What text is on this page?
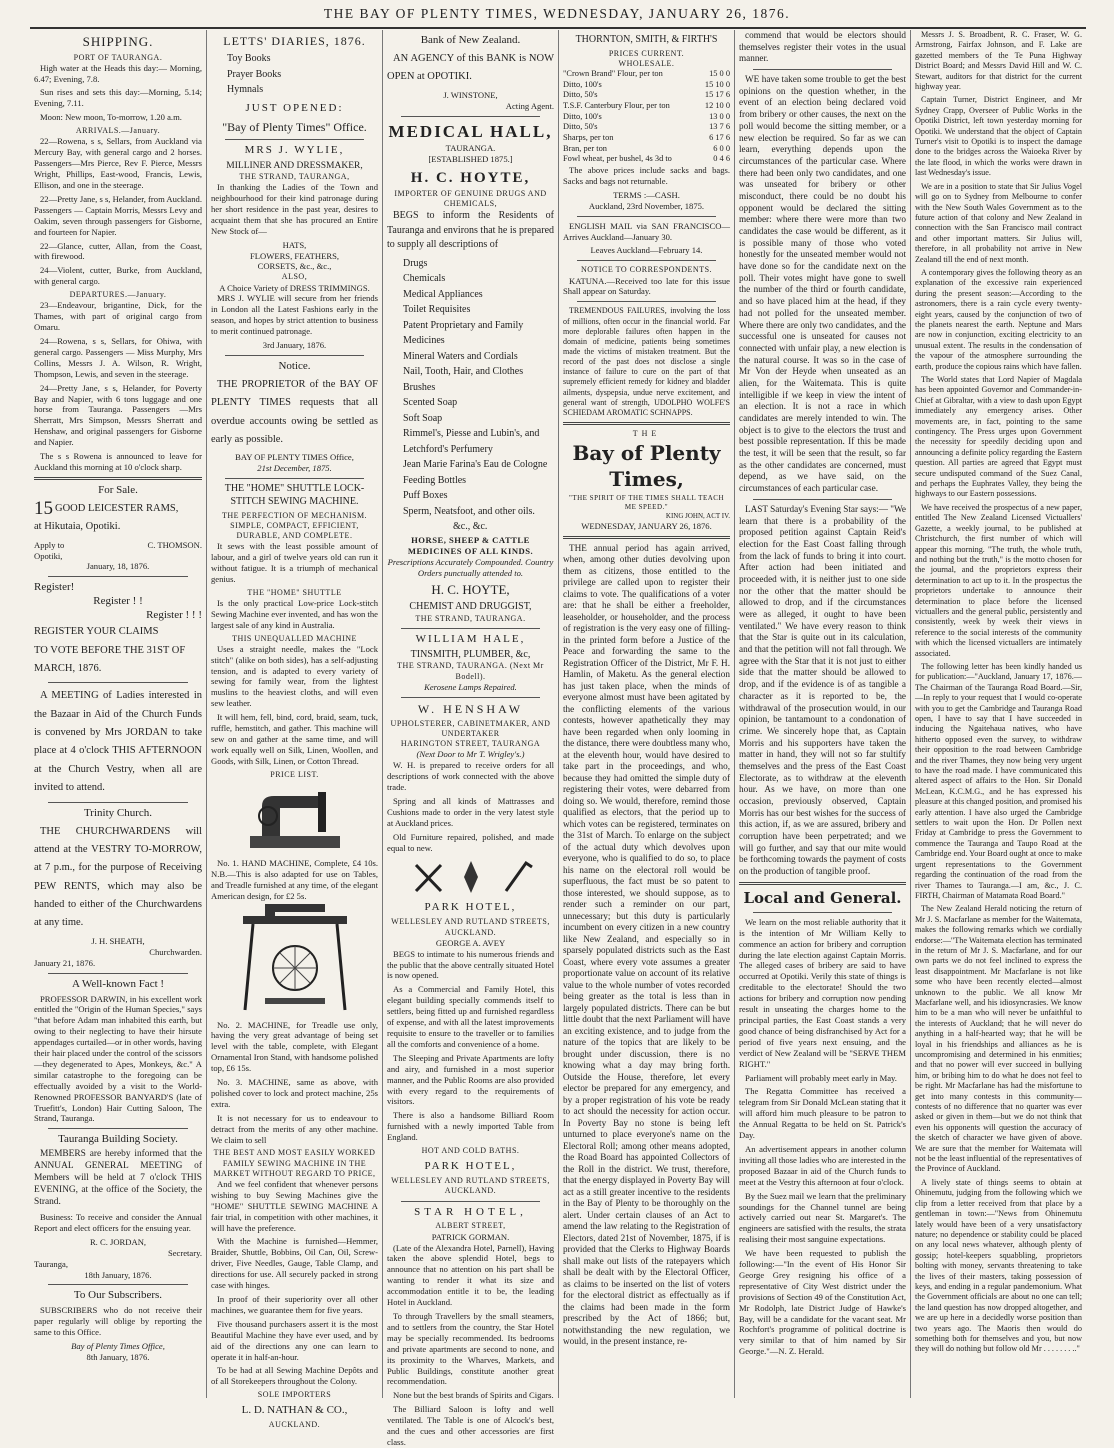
THE BAY OF PLENTY TIMES, WEDNESDAY, JANUARY 26, 1876.
SHIPPING.
PORT OF TAURANGA.

High water at the Heads this day:— Morning, 6.47; Evening, 7.8.

Sun rises and sets this day:—Morning, 5.14; Evening, 7.11.

Moon: New moon, To-morrow, 1.20 a.m.

ARRIVALS.—January.

22—Rowena, s s, Sellars, from Auckland via Mercury Bay, with general cargo and 2 horses. Passengers—Mrs Pierce, Rev F. Pierce, Messrs Wright, Phillips, East-wood, Francis, Lewis, Ellison, and one in the steerage.

22—Pretty Jane, s s, Helander, from Auckland. Passengers — Captain Morris, Messrs Levy and Oakim, seven through passengers for Gisborne, and fourteen for Napier.

22—Glance, cutter, Allan, from the Coast, with firewood.

24—Violent, cutter, Burke, from Auckland, with general cargo.

DEPARTURES.—January.

23—Endeavour, brigantine, Dick, for the Thames, with part of original cargo from Omaru.

24—Rowena, s s, Sellars, for Ohiwa, with general cargo. Passengers — Miss Murphy, Mrs Collins, Messrs J. A. Wilson, R. Wright, Thompson, Lewis, and seven in the steerage.

24—Pretty Jane, s s, Helander, for Poverty Bay and Napier, with 6 tons luggage and one horse from Tauranga. Passengers —Mrs Sherratt, Mrs Simpson, Messrs Sherratt and Henshaw, and original passengers for Gisborne and Napier.

The s s Rowena is announced to leave for Auckland this morning at 10 o'clock sharp.

For Sale.
15 GOOD LEICESTER RAMS,
at Hikutaia, Opotiki.
Apply to	C. THOMSON.
Opotiki,
January, 18, 1876.
Register!
Register ! !
Register ! ! !
REGISTER YOUR CLAIMS
TO VOTE BEFORE THE 31ST OF
MARCH, 1876.

A MEETING of Ladies interested in the Bazaar in Aid of the Church Funds is convened by Mrs JORDAN to take place at 4 o'clock THIS AFTERNOON at the Church Vestry, when all are invited to attend.

Trinity Church.

THE CHURCHWARDENS will attend at the VESTRY TO-MORROW, at 7 p.m., for the purpose of Receiving PEW RENTS, which may also be handed to either of the Churchwardens at any time.

J. H. SHEATH,
Churchwarden.
January 21, 1876.
A Well-known Fact !

PROFESSOR DARWIN, in his excellent work entitled the "Origin of the Human Species," says "that before Adam man inhabited this earth, but owing to their neglecting to have their hirsute appendages curtailed—or in other words, having their hair placed under the control of the scissors—they degenerated to Apes, Monkeys, &c." A similar catastrophe to the foregoing can be effectually avoided by a visit to the World-Renowned PROFESSOR BANYARD'S (late of Truefitt's, London) Hair Cutting Saloon, The Strand, Tauranga.

Tauranga Building Society.

MEMBERS are hereby informed that the ANNUAL GENERAL MEETING of Members will be held at 7 o'clock THIS EVENING, at the office of the Society, the Strand.

Business: To receive and consider the Annual Report and elect officers for the ensuing year.

R. C. JORDAN,
Secretary.
Tauranga,
18th January, 1876.
To Our Subscribers.

SUBSCRIBERS who do not receive their paper regularly will oblige by reporting the same to this Office.

Bay of Plenty Times Office,
8th January, 1876.
LETTS' DIARIES, 1876.
Toy Books
Prayer Books
Hymnals
JUST OPENED:
"Bay of Plenty Times" Office.
MRS J. WYLIE,
MILLINER AND DRESSMAKER,
THE STRAND, TAURANGA,

In thanking the Ladies of the Town and neighbourhood for their kind patronage during her short residence in the past year, desires to acquaint them that she has procured an Entire New Stock of—

HATS,
FLOWERS, FEATHERS,
CORSETS, &c., &c.,
ALSO,
A Choice Variety of DRESS TRIMMINGS.

MRS J. WYLIE will secure from her friends in London all the Latest Fashions early in the season, and hopes by strict attention to business to merit continued patronage.

3rd January, 1876.
Notice.

THE PROPRIETOR of the BAY OF PLENTY TIMES requests that all overdue accounts owing be settled as early as possible.

BAY OF PLENTY TIMES Office,
21st December, 1875.
THE "HOME" SHUTTLE LOCK-STITCH SEWING MACHINE.
THE PERFECTION OF MECHANISM.
SIMPLE, COMPACT, EFFICIENT, DURABLE, AND COMPLETE.

It sews with the least possible amount of labour, and a girl of twelve years old can run it without fatigue. It is a triumph of mechanical genius.

THE "HOME" SHUTTLE

Is the only practical Low-price Lock-stitch Sewing Machine ever invented, and has won the largest sale of any kind in Australia.

THIS UNEQUALLED MACHINE

Uses a straight needle, makes the "Lock stitch" (alike on both sides), has a self-adjusting tension, and is adapted to every variety of sewing for family wear, from the lightest muslins to the heaviest cloths, and will even sew leather.

It will hem, fell, bind, cord, braid, seam, tuck, ruffle, hemstitch, and gather. This machine will sew on and gather at the same time, and will work equally well on Silk, Linen, Woollen, and Goods, with Silk, Linen, or Cotton Thread.

PRICE LIST.

No. 1. HAND MACHINE, Complete, £4 10s. N.B.—This is also adapted for use on Tables, and Treadle furnished at any time, of the elegant American design, for £2 5s.

No. 2. MACHINE, for Treadle use only, having the very great advantage of being set level with the table, complete, with Elegant Ornamental Iron Stand, with handsome polished top, £6 15s.

No. 3. MACHINE, same as above, with polished cover to lock and protect machine, 25s extra.

It is not necessary for us to endeavour to detract from the merits of any other machine. We claim to sell

THE BEST AND MOST EASILY WORKED FAMILY SEWING MACHINE IN THE MARKET WITHOUT REGARD TO PRICE,

And we feel confident that whenever persons wishing to buy Sewing Machines give the "HOME" SHUTTLE SEWING MACHINE A fair trial, in competition with other machines, it will have the preference.

With the Machine is furnished—Hemmer, Braider, Shuttle, Bobbins, Oil Can, Oil, Screw-driver, Five Needles, Gauge, Table Clamp, and directions for use. All securely packed in strong case with hinges.

In proof of their superiority over all other machines, we guarantee them for five years.

Five thousand purchasers assert it is the most Beautiful Machine they have ever used, and by aid of the directions any one can learn to operate it in half-an-hour.

To be had at all Sewing Machine Depôts and of all Storekeepers throughout the Colony.

SOLE IMPORTERS
L. D. NATHAN & CO.,
AUCKLAND.
Bank of New Zealand.

AN AGENCY of this BANK is NOW OPEN at OPOTIKI.

J. WINSTONE,
Acting Agent.
MEDICAL HALL,
TAURANGA.
[ESTABLISHED 1875.]
H. C. HOYTE,
IMPORTER OF GENUINE DRUGS AND CHEMICALS,

BEGS to inform the Residents of Tauranga and environs that he is prepared to supply all descriptions of

Drugs
Chemicals
Medical Appliances
Toilet Requisites
Patent Proprietary and Family Medicines
Mineral Waters and Cordials
Nail, Tooth, Hair, and Clothes Brushes
Scented Soap
Soft Soap
Rimmel's, Piesse and Lubin's, and Letchford's Perfumery
Jean Marie Farina's Eau de Cologne
Feeding Bottles
Puff Boxes
Sperm, Neatsfoot, and other oils.
&c., &c.
HORSE, SHEEP & CATTLE MEDICINES OF ALL KINDS.
Prescriptions Accurately Compounded. Country Orders punctually attended to.
H. C. HOYTE,
CHEMIST AND DRUGGIST,
THE STRAND, TAURANGA.
WILLIAM HALE,
TINSMITH, PLUMBER, &c,
THE STRAND, TAURANGA. (Next Mr Bodell).
Kerosene Lamps Repaired.
W. HENSHAW
UPHOLSTERER, CABINETMAKER, AND UNDERTAKER
HARINGTON STREET, TAURANGA
(Next Door to Mr T. Wrigley's.)

W. H. is prepared to receive orders for all descriptions of work connected with the above trade.

Spring and all kinds of Mattrasses and Cushions made to order in the very latest style at Auckland prices.

Old Furniture repaired, polished, and made equal to new.

PARK HOTEL,
WELLESLEY AND RUTLAND STREETS, AUCKLAND.
GEORGE A. AVEY

BEGS to intimate to his numerous friends and the public that the above centrally situated Hotel is now opened.

As a Commercial and Family Hotel, this elegant building specially commends itself to settlers, being fitted up and furnished regardless of expense, and with all the latest improvements requisite to ensure to the traveller or to families all the comforts and convenience of a home.

The Sleeping and Private Apartments are lofty and airy, and furnished in a most superior manner, and the Public Rooms are also provided with every regard to the requirements of visitors.

There is also a handsome Billiard Room furnished with a newly imported Table from England.

HOT AND COLD BATHS.
PARK HOTEL,
WELLESLEY AND RUTLAND STREETS, AUCKLAND.
STAR HOTEL,
ALBERT STREET,
PATRICK GORMAN.

(Late of the Alexandra Hotel, Parnell), Having taken the above splendid Hotel, begs to announce that no attention on his part shall be wanting to render it what its size and accommodation entitle it to be, the leading Hotel in Auckland.

To through Travellers by the small steamers, and to settlers from the country, the Star Hotel may be specially recommended. Its bedrooms and private apartments are second to none, and its proximity to the Wharves, Markets, and Public Buildings, constitute another great recommendation.

None but the best brands of Spirits and Cigars.

The Billiard Saloon is lofty and well ventilated. The Table is one of Alcock's best, and the cues and other accessories are first class.

THORNTON, SMITH, & FIRTH'S
PRICES CURRENT.
WHOLESALE.
"Crown Brand" Flour, per ton	15 0 0
Ditto, 100's	15 10 0
Ditto, 50's	15 17 6
T.S.F. Canterbury Flour, per ton	12 10 0
Ditto, 100's	13 0 0
Ditto, 50's	13 7 6
Sharps, per ton	6 17 6
Bran, per ton	6 0 0
Fowl wheat, per bushel, 4s 3d to	0 4 6

The above prices include sacks and bags. Sacks and bags not returnable.

TERMS :—CASH.
Auckland, 23rd November, 1875.

ENGLISH MAIL via SAN FRANCISCO— Arrives Auckland—January 30.

Leaves Auckland—February 14.
NOTICE TO CORRESPONDENTS.

KATUNA.—Received too late for this issue Shall appear on Saturday.

TREMENDOUS FAILURES, involving the loss of millions, often occur in the financial world. Far more deplorable failures often happen in the domain of medicine, patients being sometimes made the victims of mistaken treatment. But the record of the past does not disclose a single instance of failure to cure on the part of that supremely efficient remedy for kidney and bladder ailments, dyspepsia, undue nerve excitement, and general want of strength, UDOLPHO WOLFE'S SCHIEDAM AROMATIC SCHNAPPS.

THE
Bay of Plenty Times,
"THE SPIRIT OF THE TIMES SHALL TEACH ME SPEED."
KING JOHN, ACT IV.
WEDNESDAY, JANUARY 26, 1876.

THE annual period has again arrived, when, among other duties devolving upon them as citizens, those entitled to the privilege are called upon to register their claims to vote. The qualifications of a voter are: that he shall be either a freeholder, leaseholder, or householder, and the process of registration is the very easy one of filling-in the printed form before a Justice of the Peace and forwarding the same to the Registration Officer of the District, Mr F. H. Hamlin, of Maketu. As the general election has just taken place, when the minds of everyone almost must have been agitated by the conflicting elements of the various contests, however apathetically they may have been regarded when only looming in the distance, there were doubtless many who, at the eleventh hour, would have desired to take part in the proceedings, and who, because they had omitted the simple duty of registering their votes, were debarred from doing so. We would, therefore, remind those qualified as electors, that the period up to which votes can be registered, terminates on the 31st of March. To enlarge on the subject of the actual duty which devolves upon everyone, who is qualified to do so, to place his name on the electoral roll would be superfluous, the fact must be so patent to those interested, we should suppose, as to render such a reminder on our part, unnecessary; but this duty is particularly incumbent on every citizen in a new country like New Zealand, and especially so in sparsely populated districts such as the East Coast, where every vote assumes a greater proportionate value on account of its relative value to the whole number of votes recorded being greater as the total is less than in largely populated districts. There can be but little doubt that the next Parliament will have an exciting existence, and to judge from the nature of the topics that are likely to be brought under discussion, there is no knowing what a day may bring forth. Outside the House, therefore, let every elector be prepared for any emergency, and by a proper registration of his vote be ready to act should the necessity for action occur. In Poverty Bay no stone is being left unturned to place everyone's name on the Electoral Roll; among other means adopted, the Road Board has appointed Collectors of the Roll in the district. We trust, therefore, that the energy displayed in Poverty Bay will act as a still greater incentive to the residents in the Bay of Plenty to be thoroughly on the alert. Under certain clauses of an Act to amend the law relating to the Registration of Electors, dated 21st of November, 1875, if is provided that the Clerks to Highway Boards shall make out lists of the ratepayers which shall be dealt with by the Electoral Officer, as claims to be inserted on the list of voters for the electoral district as effectually as if the claims had been made in the form prescribed by the Act of 1866; but, notwithstanding the new regulation, we would, in the present instance, re-

commend that would be electors should themselves register their votes in the usual manner.

WE have taken some trouble to get the best opinions on the question whether, in the event of an election being declared void from bribery or other causes, the next on the poll would become the sitting member, or a new election be required. So far as we can learn, everything depends upon the circumstances of the particular case. Where there had been only two candidates, and one was unseated for bribery or other misconduct, there could be no doubt his opponent would be declared the sitting member: where there were more than two candidates the case would be different, as it is possible many of those who voted honestly for the unseated member would not have done so for the candidate next on the poll. Their votes might have gone to swell the number of the third or fourth candidate, and so have placed him at the head, if they had not polled for the unseated member. Where there are only two candidates, and the successful one is unseated for causes not connected with unfair play, a new election is the natural course. It was so in the case of Mr Von der Heyde when unseated as an alien, for the Waitemata. This is quite intelligible if we keep in view the intent of an election. It is not a race in which candidates are merely intended to win. The object is to give to the electors the trust and best possible representation. If this be made the test, it will be seen that the result, so far as the other candidates are concerned, must depend, as we have said, on the circumstances of each particular case.

LAST Saturday's Evening Star says:— "We learn that there is a probability of the proposed petition against Captain Reid's election for the East Coast falling through from the lack of funds to bring it into court. After action had been initiated and proceeded with, it is neither just to one side nor the other that the matter should be allowed to drop, and if the circumstances were as alleged, it ought to have been ventilated." We have every reason to think that the Star is quite out in its calculation, and that the petition will not fall through. We agree with the Star that it is not just to either side that the matter should be allowed to drop, and if the evidence is of as tangible a character as it is reported to be, the withdrawal of the prosecution would, in our opinion, be tantamount to a condonation of crime. We sincerely hope that, as Captain Morris and his supporters have taken the matter in hand, they will not so far stultify themselves and the press of the East Coast Electorate, as to withdraw at the eleventh hour. As we have, on more than one occasion, previously observed, Captain Morris has our best wishes for the success of this action, if, as we are assured, bribery and corruption have been perpetrated; and we will go further, and say that our mite would be forthcoming towards the payment of costs on the production of tangible proof.

Local and General.

We learn on the most reliable authority that it is the intention of Mr William Kelly to commence an action for bribery and corruption during the late election against Captain Morris. The alleged cases of bribery are said to have occurred at Opotiki. Verily this state of things is creditable to the electorate! Should the two actions for bribery and corruption now pending result in unseating the charges home to the principal parties, the East Coast stands a very good chance of being disfranchised by Act for a period of five years next ensuing, and the verdict of New Zealand will be "SERVE THEM RIGHT."

Parliament will probably meet early in May.

The Regatta Committee has received a telegram from Sir Donald McLean stating that it will afford him much pleasure to be patron to the Annual Regatta to be held on St. Patrick's Day.

An advertisement appears in another column inviting all those ladies who are interested in the proposed Bazaar in aid of the Church funds to meet at the Vestry this afternoon at four o'clock.

By the Suez mail we learn that the preliminary soundings for the Channel tunnel are being actively carried out near St. Margaret's. The engineers are satisfied with the results, the strata realising their most sanguine expectations.

We have been requested to publish the following:—"In the event of His Honor Sir George Grey resigning his office of a representative of City West district under the provisions of Section 49 of the Constitution Act, Mr Rodolph, late District Judge of Hawke's Bay, will be a candidate for the vacant seat. Mr Rochfort's programme of political doctrine is very similar to that of him named by Sir George."—N. Z. Herald.

Messrs J. S. Broadbent, R. C. Fraser, W. G. Armstrong, Fairfax Johnson, and F. Lake are gazetted members of the Te Puna Highway District Board; and Messrs David Hill and W. C. Stewart, auditors for that district for the current highway year.

Captain Turner, District Engineer, and Mr Sydney Crapp, Overseer of Public Works in the Opotiki District, left town yesterday morning for Opotiki. We understand that the object of Captain Turner's visit to Opotiki is to inspect the damage done to the bridges across the Waioeka River by the late flood, in which the works were drawn in last Wednesday's issue.

We are in a position to state that Sir Julius Vogel will go on to Sydney from Melbourne to confer with the New South Wales Government as to the future action of that colony and New Zealand in connection with the San Francisco mail contract and other important matters. Sir Julius will, therefore, in all probability not arrive in New Zealand till the end of next month.

A contemporary gives the following theory as an explanation of the excessive rain experienced during the present season:—According to the astronomers, there is a rain cycle every twenty-eight years, caused by the conjunction of two of the planets nearest the earth. Neptune and Mars are now in conjunction, exciting electricity to an unusual extent. The results in the condensation of the vapour of the atmosphere surrounding the earth, produce the copious rains which have fallen.

The World states that Lord Napier of Magdala has been appointed Governor and Commander-in-Chief at Gibraltar, with a view to dash upon Egypt immediately any emergency arises. Other movements are, in fact, pointing to the same contingency. The Press urges upon Government the necessity for speedily deciding upon and announcing a definite policy regarding the Eastern question. All parties are agreed that Egypt must secure undisputed command of the Suez Canal, and perhaps the Euphrates Valley, they being the highways to our Eastern possessions.

We have received the prospectus of a new paper, entitled The New Zealand Licensed Victuallers' Gazette, a weekly journal, to be published at Christchurch, the first number of which will appear this morning. "The truth, the whole truth, and nothing but the truth," is the motto chosen for the journal, and the proprietors express their determination to act up to it. In the prospectus the proprietors undertake to announce their determination to place before the licensed victuallers and the general public, persistently and consistently, week by week their views in reference to the social interests of the community with which the licensed victuallers are intimately associated.

The following letter has been kindly handed us for publication:—"Auckland, January 17, 1876.—The Chairman of the Tauranga Road Board.—Sir,—In reply to your request that I would co-operate with you to get the Cambridge and Tauranga Road open, I have to say that I have succeeded in inducing the Ngaitehaua natives, who have hitherto opposed even the survey, to withdraw their opposition to the road between Cambridge and the river Thames, they now being very urgent to have the road made. I have communicated this altered aspect of affairs to the Hon. Sir Donald McLean, K.C.M.G., and he has expressed his pleasure at this changed position, and promised his early attention. I have also urged the Cambridge settlers to wait upon the Hon. Dr Pollen next Friday at Cambridge to press the Government to commence the Tauranga and Taupo Road at the Cambridge end. Your Board ought at once to make urgent representations to the Government regarding the continuation of the road from the river Thames to Tauranga.—I am, &c., J. C. FIRTH, Chairman of Matamata Road Board."

The New Zealand Herald noticing the return of Mr J. S. Macfarlane as member for the Waitemata, makes the following remarks which we cordially endorse:—"The Waitemata election has terminated in the return of Mr J. S. Macfarlane, and for our own parts we do not feel inclined to express the least disappointment. Mr Macfarlane is not like some who have been recently elected—almost unknown to the public. We all know Mr Macfarlane well, and his idiosyncrasies. We know him to be a man who will never be unfaithful to the interests of Auckland; that he will never do anything in a half-hearted way; that he will be loyal in his friendships and alliances as he is uncompromising and determined in his enmities; and that no power will ever succeed in bullying him, or bribing him to do what he does not feel to be right. Mr Macfarlane has had the misfortune to get into many contests in this community—contests of no difference that no quarter was ever asked or given in them—but we do not think that even his opponents will question the accuracy of the sketch of character we have given of above. We are sure that the member for Waitemata will not be the least influential of the representatives of the Province of Auckland.

A lively state of things seems to obtain at Ohinemutu, judging from the following which we clip from a letter received from that place by a gentleman in town:—"News from Ohinemutu lately would have been of a very unsatisfactory nature; no dependence or stability could be placed on any local news whatever, although plenty of gossip; hotel-keepers squabbling, proprietors bolting with money, servants threatening to take the lives of their masters, taking possession of keys, and ending in a regular pandemonium. What the Government officials are about no one can tell; the land question has now dropped altogether, and we are up here in a decidedly worse position than two years ago. The Maoris then would do something both for themselves and you, but now they will do nothing but follow old Mr . . . . . . . .."
